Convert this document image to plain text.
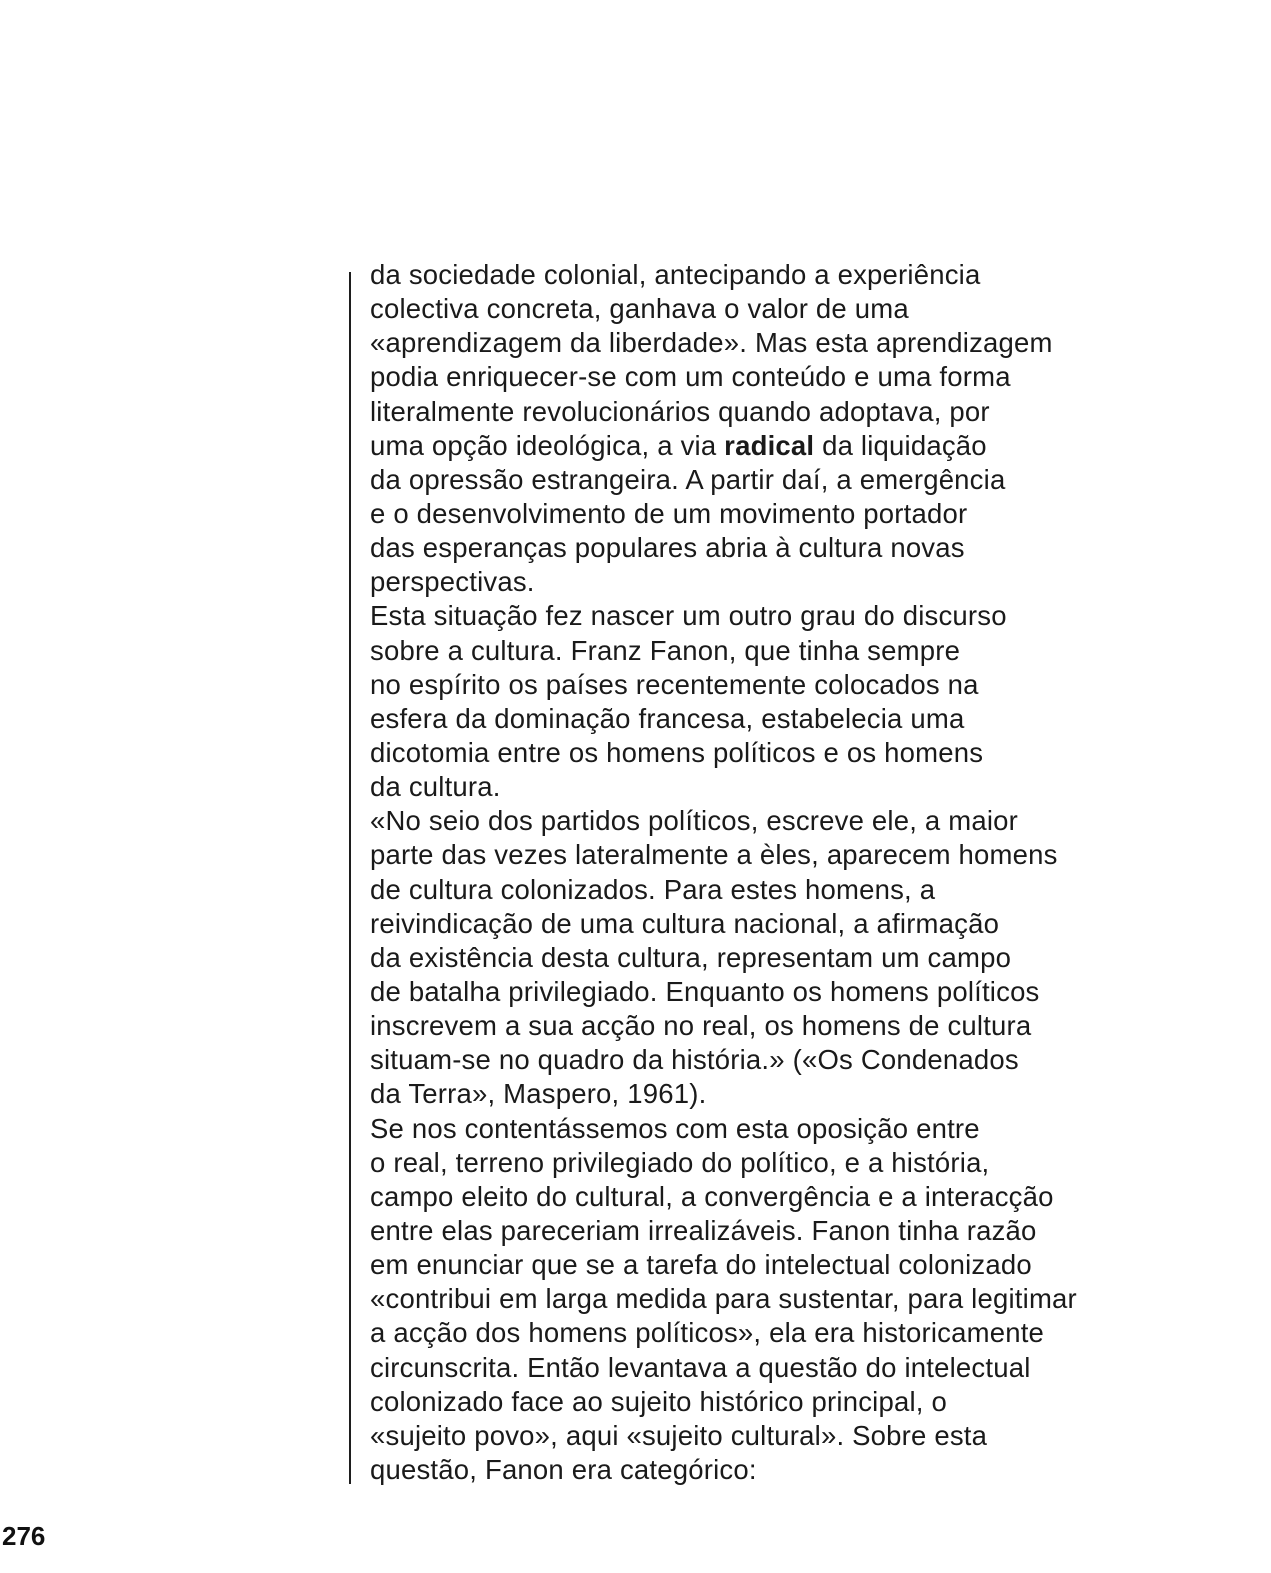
da sociedade colonial, antecipando a experiência
colectiva concreta, ganhava o valor de uma
«aprendizagem da liberdade». Mas esta aprendizagem
podia enriquecer-se com um conteúdo e uma forma
literalmente revolucionários quando adoptava, por
uma opção ideológica, a via radical da liquidação
da opressão estrangeira. A partir daí, a emergência
e o desenvolvimento de um movimento portador
das esperanças populares abria à cultura novas
perspectivas.
Esta situação fez nascer um outro grau do discurso
sobre a cultura. Franz Fanon, que tinha sempre
no espírito os países recentemente colocados na
esfera da dominação francesa, estabelecia uma
dicotomia entre os homens políticos e os homens
da cultura.
«No seio dos partidos políticos, escreve ele, a maior
parte das vezes lateralmente a èles, aparecem homens
de cultura colonizados. Para estes homens, a
reivindicação de uma cultura nacional, a afirmação
da existência desta cultura, representam um campo
de batalha privilegiado. Enquanto os homens políticos
inscrevem a sua acção no real, os homens de cultura
situam-se no quadro da história.» («Os Condenados
da Terra», Maspero, 1961).
Se nos contentássemos com esta oposição entre
o real, terreno privilegiado do político, e a história,
campo eleito do cultural, a convergência e a interacção
entre elas pareceriam irrealizáveis. Fanon tinha razão
em enunciar que se a tarefa do intelectual colonizado
«contribui em larga medida para sustentar, para legitimar
a acção dos homens políticos», ela era historicamente
circunscrita. Então levantava a questão do intelectual
colonizado face ao sujeito histórico principal, o
«sujeito povo», aqui «sujeito cultural». Sobre esta
questão, Fanon era categórico:
276
